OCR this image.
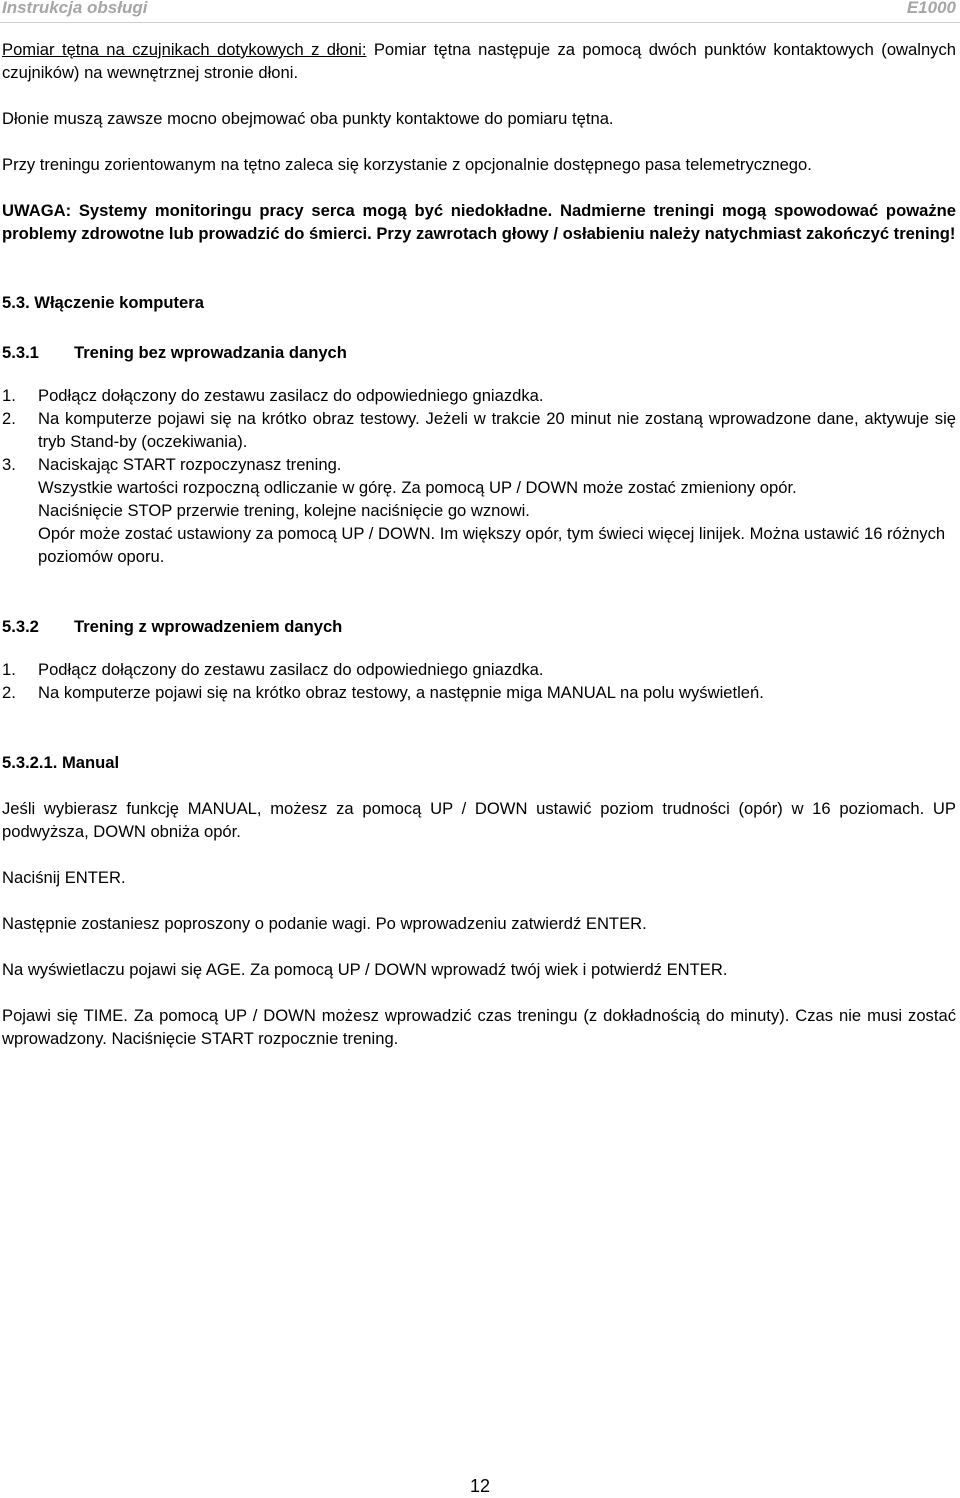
Instrukcja obsługi	E1000

Pomiar tętna na czujnikach dotykowych z dłoni: Pomiar tętna następuje za pomocą dwóch punktów kontaktowych (owalnych czujników) na wewnętrznej stronie dłoni.

Dłonie muszą zawsze mocno obejmować oba punkty kontaktowe do pomiaru tętna.

Przy treningu zorientowanym na tętno zaleca się korzystanie z opcjonalnie dostępnego pasa telemetrycznego.

UWAGA: Systemy monitoringu pracy serca mogą być niedokładne. Nadmierne treningi mogą spowodować poważne problemy zdrowotne lub prowadzić do śmierci. Przy zawrotach głowy / osłabieniu należy natychmiast zakończyć trening!

5.3. Włączenie komputera

5.3.1 Trening bez wprowadzania danych

1.	Podłącz dołączony do zestawu zasilacz do odpowiedniego gniazdka.
2.	Na komputerze pojawi się na krótko obraz testowy. Jeżeli w trakcie 20 minut nie zostaną wprowadzone dane, aktywuje się tryb Stand-by (oczekiwania).
3.	Naciskając START rozpoczynasz trening.

Wszystkie wartości rozpoczną odliczanie w górę. Za pomocą UP / DOWN może zostać zmieniony opór.

Naciśnięcie STOP przerwie trening, kolejne naciśnięcie go wznowi.

Opór może zostać ustawiony za pomocą UP / DOWN. Im większy opór, tym świeci więcej linijek. Można ustawić 16 różnych poziomów oporu.

5.3.2 Trening z wprowadzeniem danych

1.	Podłącz dołączony do zestawu zasilacz do odpowiedniego gniazdka.
2.	Na komputerze pojawi się na krótko obraz testowy, a następnie miga MANUAL na polu wyświetleń.

5.3.2.1. Manual

Jeśli wybierasz funkcję MANUAL, możesz za pomocą UP / DOWN ustawić poziom trudności (opór) w 16 poziomach. UP podwyższa, DOWN obniża opór.

Naciśnij ENTER.

Następnie zostaniesz poproszony o podanie wagi. Po wprowadzeniu zatwierdź ENTER.

Na wyświetlaczu pojawi się AGE. Za pomocą UP / DOWN wprowadź twój wiek i potwierdź ENTER.

Pojawi się TIME. Za pomocą UP / DOWN możesz wprowadzić czas treningu (z dokładnością do minuty). Czas nie musi zostać wprowadzony. Naciśnięcie START rozpocznie trening.

12
